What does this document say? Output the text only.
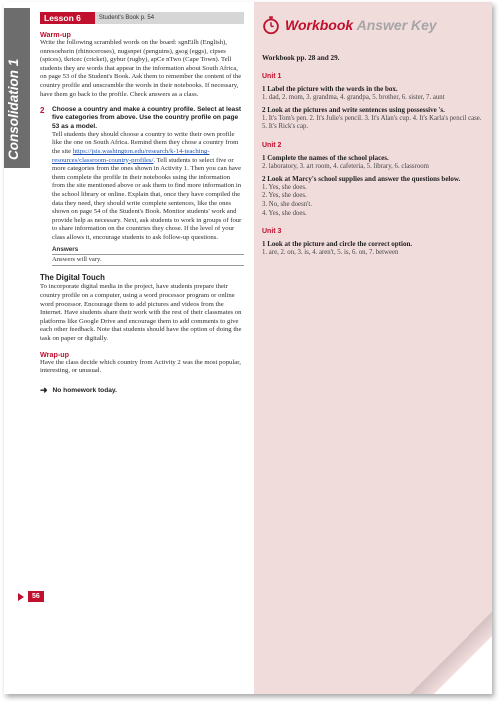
Consolidation 1
Lesson 6	Student's Book p. 54
Warm-up

Write the following scrambled words on the board: sgnEilh (English), onresoehsrin (rhinoceroses), nugsnpei (penguins), gsog (eggs), cipses (spices), tkricec (cricket), gybur (rugby), apCe nTwo (Cape Town). Tell students they are words that appear in the information about South Africa, on page 53 of the Student's Book. Ask them to remember the content of the country profile and unscramble the words in their notebooks. If necessary, have them go back to the profile. Check answers as a class.

2	Choose a country and make a country profile. Select at least five categories from above. Use the country profile on page 53 as a model.

Tell students they should choose a country to write their own profile like the one on South Africa. Remind them they chose a country from the site https://jsis.washington.edu/research/k-14-teaching-resources/classroom-country-profiles/. Tell students to select five or more categories from the ones shown in Activity 1. Then you can have them complete the profile in their notebooks using the information from the site mentioned above or ask them to find more information in the school library or online. Explain that, once they have compiled the data they need, they should write complete sentences, like the ones shown on page 54 of the Student's Book. Monitor students' work and provide help as necessary. Next, ask students to work in groups of four to share information on the countries they chose. If the level of your class allows it, encourage students to ask follow-up questions.

Answers
Answers will vary.
The Digital Touch

To incorporate digital media in the project, have students prepare their country profile on a computer, using a word processor program or online word processor. Encourage them to add pictures and videos from the Internet. Have students share their work with the rest of their classmates on platforms like Google Drive and encourage them to add comments to give each other feedback. Note that students should have the option of doing the task on paper or digitally.

Wrap-up

Have the class decide which country from Activity 2 was the most popular, interesting, or unusual.

➜ No homework today.
56
Workbook Answer Key
Workbook pp. 28 and 29.
Unit 1
1 Label the picture with the words in the box.
1. dad, 2. mom, 3. grandma, 4. grandpa, 5. brother, 6. sister, 7. aunt
2 Look at the pictures and write sentences using possessive 's.
1. It's Tom's pen. 2. It's Julie's pencil. 3. It's Alan's cup. 4. It's Karla's pencil case. 5. It's Rick's cap.
Unit 2
1 Complete the names of the school places.
2. laboratory, 3. art room, 4. cafeteria, 5. library, 6. classroom
2 Look at Marcy's school supplies and answer the questions below.
1. Yes, she does.
2. Yes, she does.
3. No, she doesn't.
4. Yes, she does.
Unit 3
1 Look at the picture and circle the correct option.
1. are, 2. on, 3. is, 4. aren't, 5. is, 6. on, 7. between
